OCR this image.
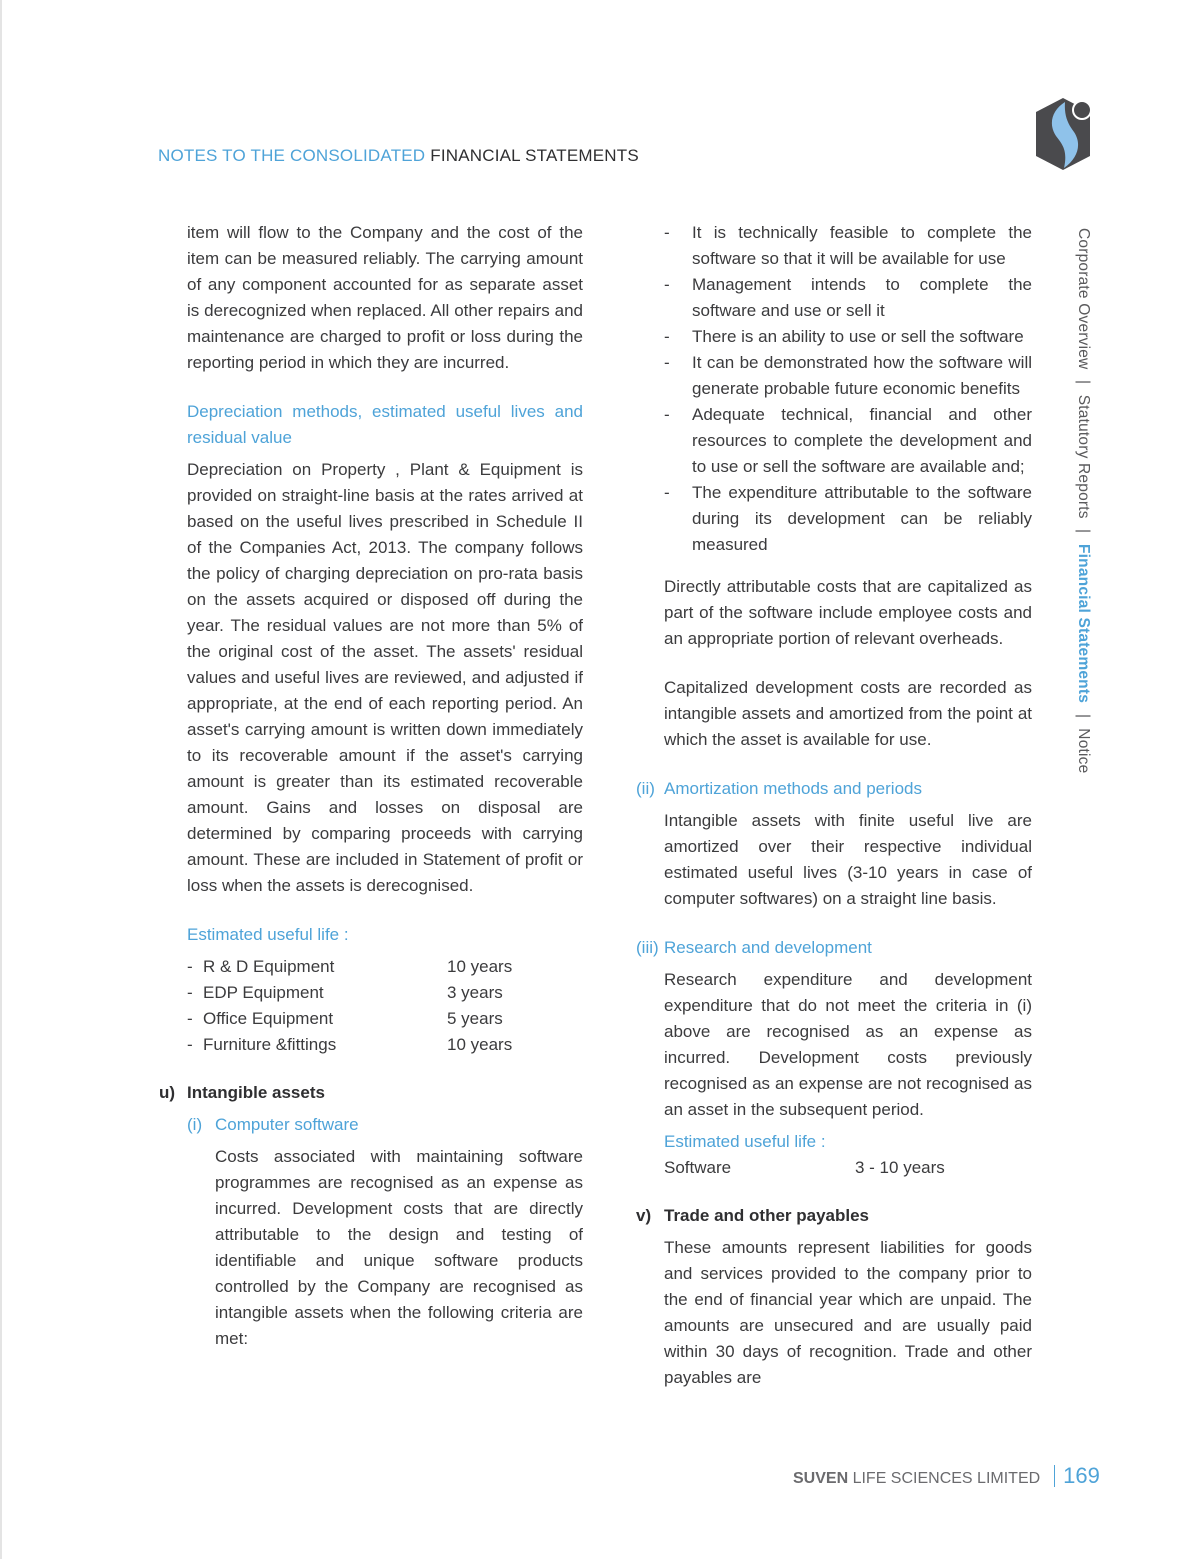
NOTES TO THE CONSOLIDATED FINANCIAL STATEMENTS
Corporate Overview | Statutory Reports | Financial Statements | Notice

item will flow to the Company and the cost of the item can be measured reliably. The carrying amount of any component accounted for as separate asset is derecognized when replaced. All other repairs and maintenance are charged to profit or loss during the reporting period in which they are incurred.

Depreciation methods, estimated useful lives and residual value

Depreciation on Property , Plant & Equipment is provided on straight-line basis at the rates arrived at based on the useful lives prescribed in Schedule II of the Companies Act, 2013. The company follows the policy of charging depreciation on pro-rata basis on the assets acquired or disposed off during the year. The residual values are not more than 5% of the original cost of the asset. The assets' residual values and useful lives are reviewed, and adjusted if appropriate, at the end of each reporting period. An asset's carrying amount is written down immediately to its recoverable amount if the asset's carrying amount is greater than its estimated recoverable amount. Gains and losses on disposal are determined by comparing proceeds with carrying amount. These are included in Statement of profit or loss when the assets is derecognised.

Estimated useful life :

- R & D Equipment	10 years
- EDP Equipment	3 years
- Office Equipment	5 years
- Furniture &fittings	10 years

u) Intangible assets

(i) Computer software

Costs associated with maintaining software programmes are recognised as an expense as incurred. Development costs that are directly attributable to the design and testing of identifiable and unique software products controlled by the Company are recognised as intangible assets when the following criteria are met:

- It is technically feasible to complete the software so that it will be available for use
- Management intends to complete the software and use or sell it
- There is an ability to use or sell the software
- It can be demonstrated how the software will generate probable future economic benefits
- Adequate technical, financial and other resources to complete the development and to use or sell the software are available and;
- The expenditure attributable to the software during its development can be reliably measured

Directly attributable costs that are capitalized as part of the software include employee costs and an appropriate portion of relevant overheads.

Capitalized development costs are recorded as intangible assets and amortized from the point at which the asset is available for use.

(ii) Amortization methods and periods

Intangible assets with finite useful live are amortized over their respective individual estimated useful lives (3-10 years in case of computer softwares) on a straight line basis.

(iii) Research and development

Research expenditure and development expenditure that do not meet the criteria in (i) above are recognised as an expense as incurred. Development costs previously recognised as an expense are not recognised as an asset in the subsequent period.

Estimated useful life :

Software	3 - 10 years

v) Trade and other payables

These amounts represent liabilities for goods and services provided to the company prior to the end of financial year which are unpaid. The amounts are unsecured and are usually paid within 30 days of recognition. Trade and other payables are

SUVEN LIFE SCIENCES LIMITED 169
